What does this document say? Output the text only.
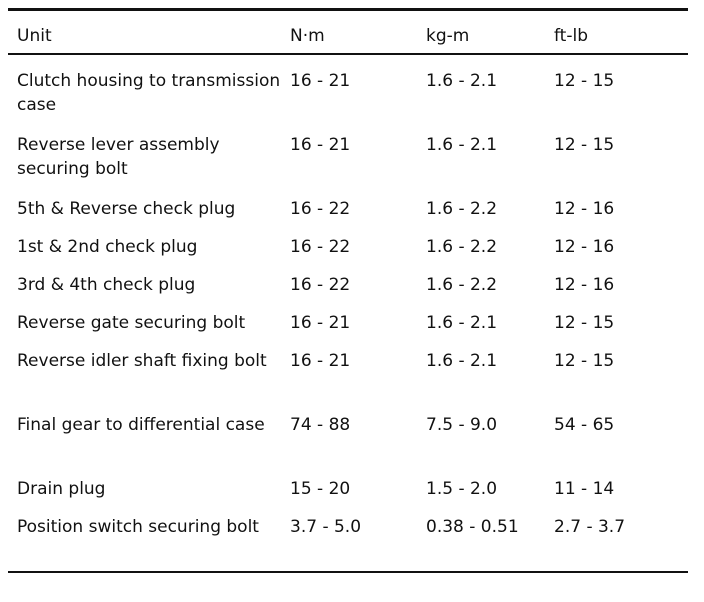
Unit	N·m	kg-m	ft-lb

Clutch housing to transmission case	16 - 21	1.6 - 2.1	12 - 15
Reverse lever assembly securing bolt	16 - 21	1.6 - 2.1	12 - 15
5th & Reverse check plug	16 - 22	1.6 - 2.2	12 - 16
1st & 2nd check plug	16 - 22	1.6 - 2.2	12 - 16
3rd & 4th check plug	16 - 22	1.6 - 2.2	12 - 16
Reverse gate securing bolt	16 - 21	1.6 - 2.1	12 - 15
Reverse idler shaft fixing bolt	16 - 21	1.6 - 2.1	12 - 15
Final gear to differential case	74 - 88	7.5 - 9.0	54 - 65
Drain plug	15 - 20	1.5 - 2.0	11 - 14
Position switch securing bolt	3.7 - 5.0	0.38 - 0.51	2.7 - 3.7
